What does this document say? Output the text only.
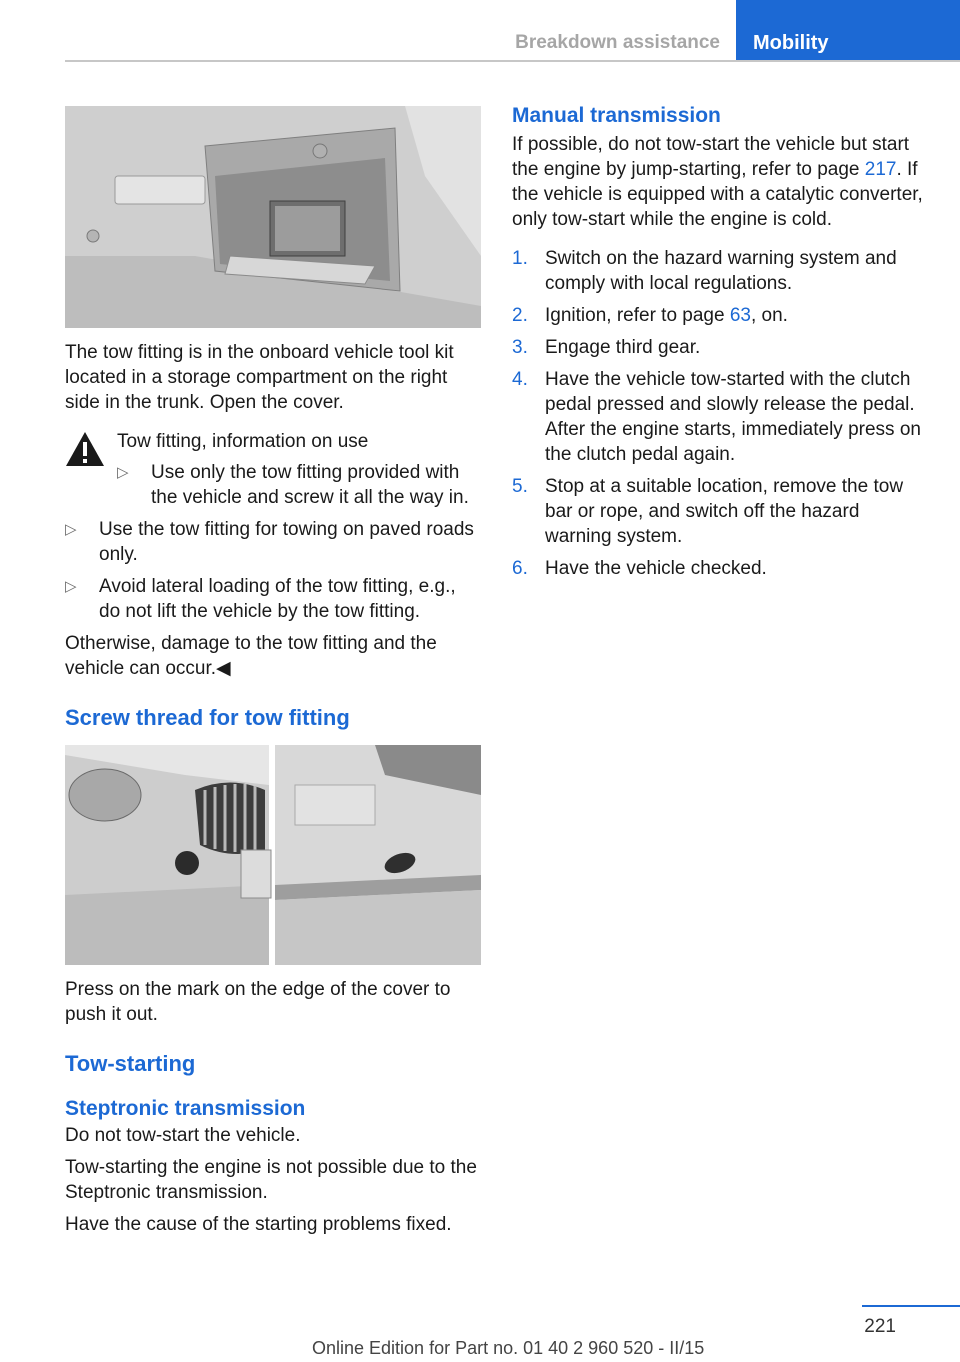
Breakdown assistance	Mobility

The tow fitting is in the onboard vehicle tool kit located in a storage compartment on the right side in the trunk. Open the cover.

Tow fitting, information on use

▷	Use only the tow fitting provided with the vehicle and screw it all the way in.
▷	Use the tow fitting for towing on paved roads only.
▷	Avoid lateral loading of the tow fitting, e.g., do not lift the vehicle by the tow fitting.

Otherwise, damage to the tow fitting and the vehicle can occur.◀

Screw thread for tow fitting

Press on the mark on the edge of the cover to push it out.

Tow-starting

Steptronic transmission

Do not tow-start the vehicle.

Tow-starting the engine is not possible due to the Steptronic transmission.

Have the cause of the starting problems fixed.

Manual transmission

If possible, do not tow-start the vehicle but start the engine by jump-starting, refer to page 217. If the vehicle is equipped with a catalytic converter, only tow-start while the engine is cold.

1. Switch on the hazard warning system and comply with local regulations.
2. Ignition, refer to page 63, on.
3. Engage third gear.
4. Have the vehicle tow-started with the clutch pedal pressed and slowly release the pedal. After the engine starts, immediately press on the clutch pedal again.
5. Stop at a suitable location, remove the tow bar or rope, and switch off the hazard warning system.
6. Have the vehicle checked.
221
Online Edition for Part no. 01 40 2 960 520 - II/15
